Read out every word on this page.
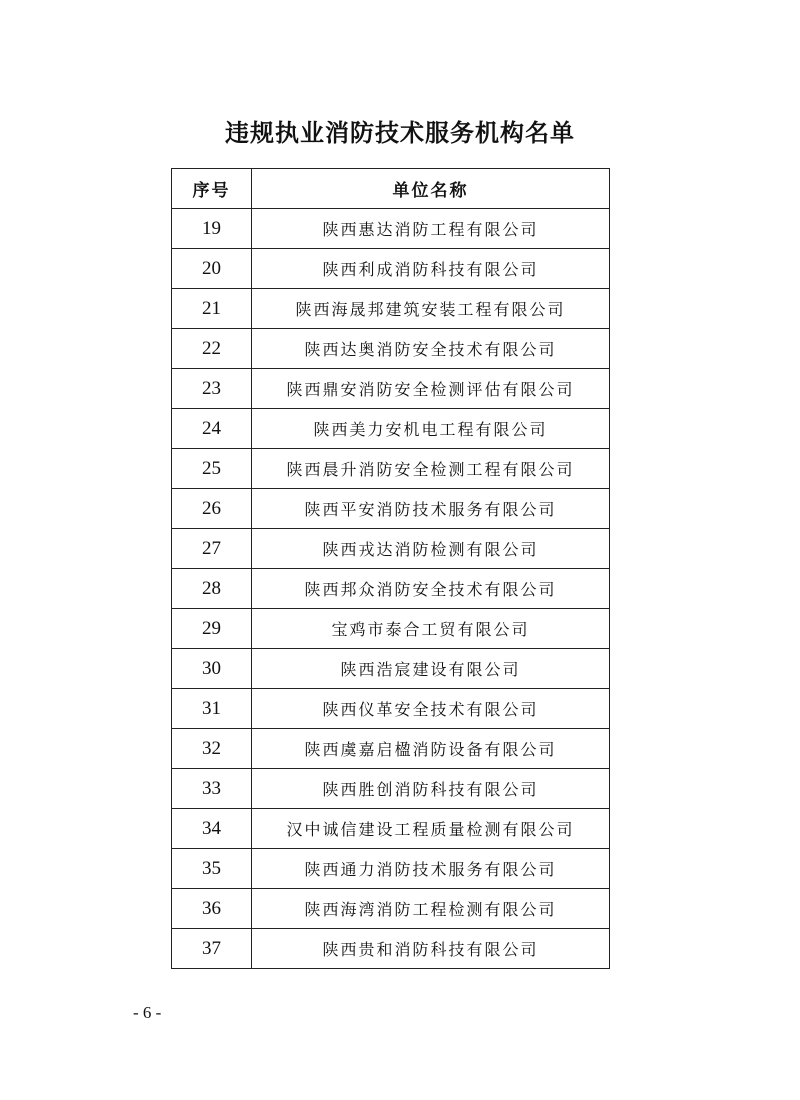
违规执业消防技术服务机构名单
序号	单位名称
19	陕西惠达消防工程有限公司
20	陕西利成消防科技有限公司
21	陕西海晟邦建筑安装工程有限公司
22	陕西达奥消防安全技术有限公司
23	陕西鼎安消防安全检测评估有限公司
24	陕西美力安机电工程有限公司
25	陕西晨升消防安全检测工程有限公司
26	陕西平安消防技术服务有限公司
27	陕西戎达消防检测有限公司
28	陕西邦众消防安全技术有限公司
29	宝鸡市泰合工贸有限公司
30	陕西浩宸建设有限公司
31	陕西仪革安全技术有限公司
32	陕西虞嘉启楹消防设备有限公司
33	陕西胜创消防科技有限公司
34	汉中诚信建设工程质量检测有限公司
35	陕西通力消防技术服务有限公司
36	陕西海湾消防工程检测有限公司
37	陕西贵和消防科技有限公司
- 6 -
